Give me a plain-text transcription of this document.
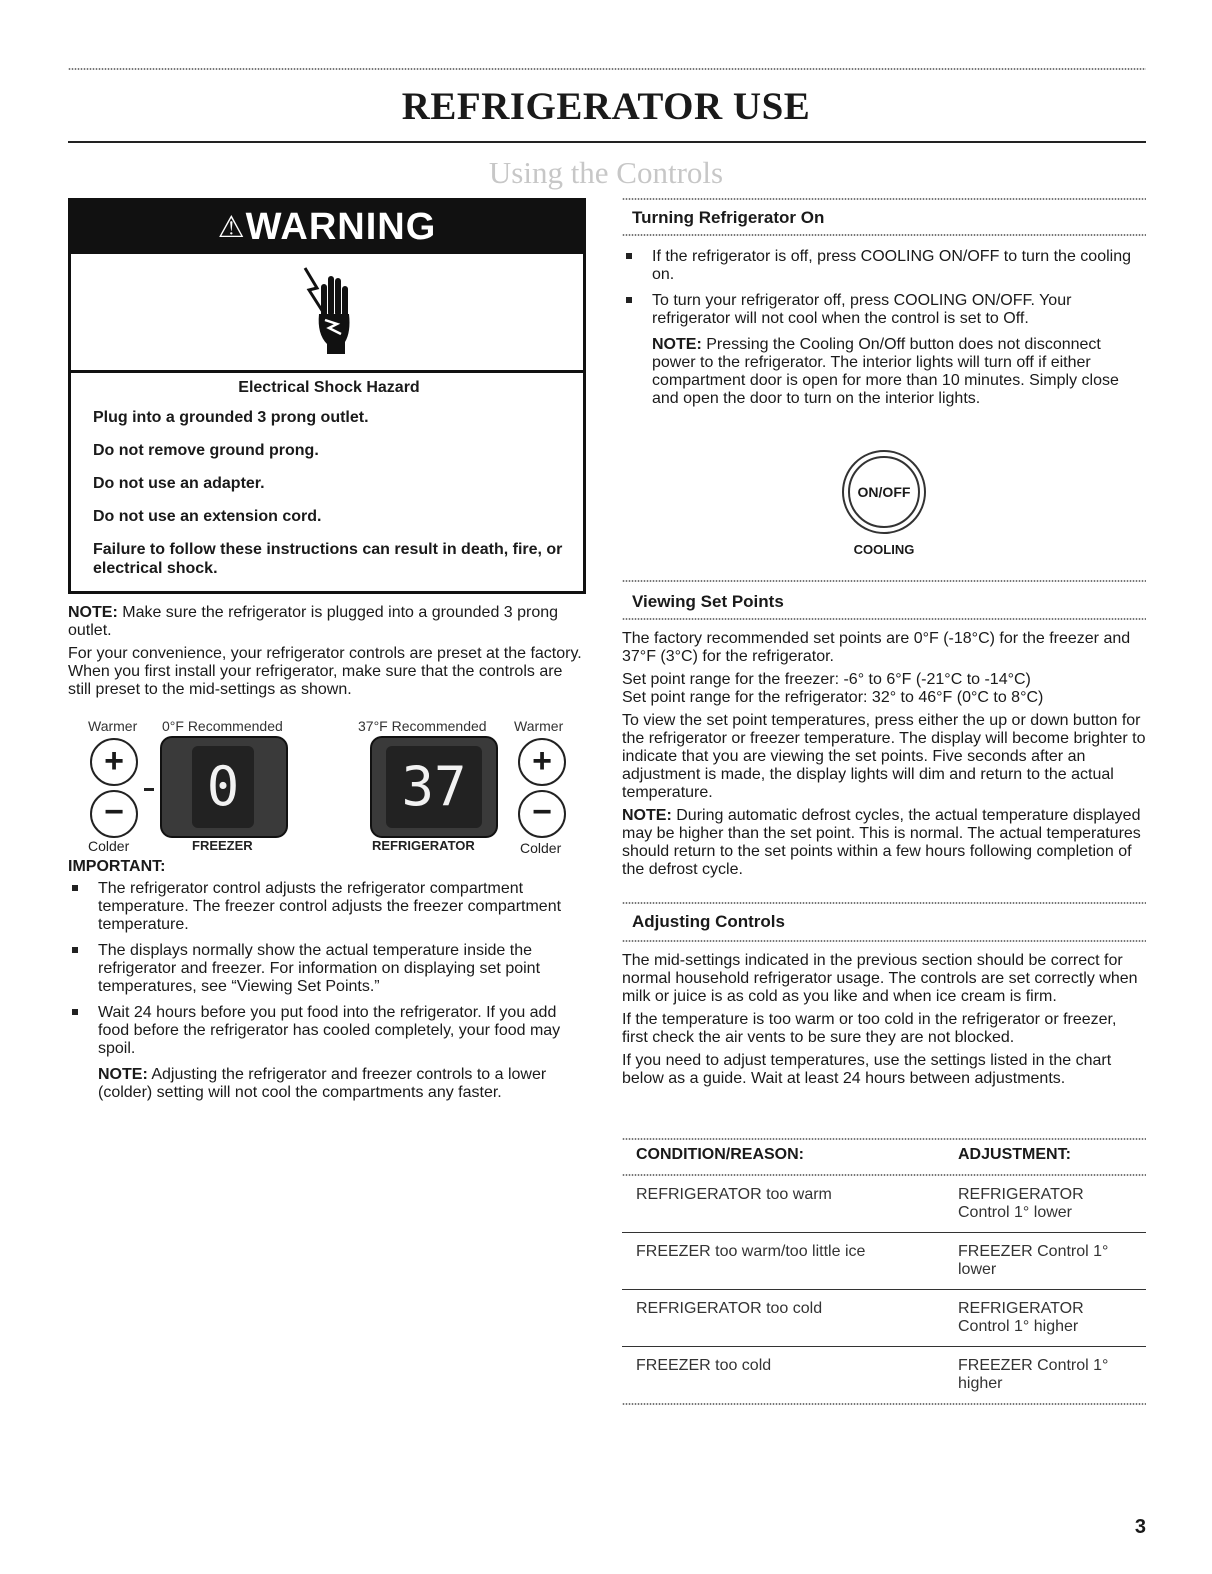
REFRIGERATOR USE
Using the Controls
⚠WARNING
Electrical Shock Hazard
Plug into a grounded 3 prong outlet.
Do not remove ground prong.
Do not use an adapter.
Do not use an extension cord.
Failure to follow these instructions can result in death, fire, or electrical shock.

NOTE: Make sure the refrigerator is plugged into a grounded 3 prong outlet.

For your convenience, your refrigerator controls are preset at the factory. When you first install your refrigerator, make sure that the controls are still preset to the mid-settings as shown.

Warmer 0°F Recommended	37°F Recommended Warmer
+
− 0
Colder	FREEZER
37	+
−
REFRIGERATOR	Colder
IMPORTANT:
The refrigerator control adjusts the refrigerator compartment temperature. The freezer control adjusts the freezer compartment temperature.
The displays normally show the actual temperature inside the refrigerator and freezer. For information on displaying set point temperatures, see “Viewing Set Points.”
Wait 24 hours before you put food into the refrigerator. If you add food before the refrigerator has cooled completely, your food may spoil.
NOTE: Adjusting the refrigerator and freezer controls to a lower (colder) setting will not cool the compartments any faster.
Turning Refrigerator On
If the refrigerator is off, press COOLING ON/OFF to turn the cooling on.
To turn your refrigerator off, press COOLING ON/OFF. Your refrigerator will not cool when the control is set to Off.
NOTE: Pressing the Cooling On/Off button does not disconnect power to the refrigerator. The interior lights will turn off if either compartment door is open for more than 10 minutes. Simply close and open the door to turn on the interior lights.
ON/OFF
COOLING
Viewing Set Points

The factory recommended set points are 0°F (-18°C) for the freezer and 37°F (3°C) for the refrigerator.

Set point range for the freezer: -6° to 6°F (-21°C to -14°C)

Set point range for the refrigerator: 32° to 46°F (0°C to 8°C)

To view the set point temperatures, press either the up or down button for the refrigerator or freezer temperature. The display will become brighter to indicate that you are viewing the set points. Five seconds after an adjustment is made, the display lights will dim and return to the actual temperature.

NOTE: During automatic defrost cycles, the actual temperature displayed may be higher than the set point. This is normal. The actual temperatures should return to the set points within a few hours following completion of the defrost cycle.

Adjusting Controls

The mid-settings indicated in the previous section should be correct for normal household refrigerator usage. The controls are set correctly when milk or juice is as cold as you like and when ice cream is firm.

If the temperature is too warm or too cold in the refrigerator or freezer, first check the air vents to be sure they are not blocked.

If you need to adjust temperatures, use the settings listed in the chart below as a guide. Wait at least 24 hours between adjustments.

CONDITION/REASON:	ADJUSTMENT:
REFRIGERATOR too warm	REFRIGERATOR Control 1° lower
FREEZER too warm/too little ice	FREEZER Control 1° lower
REFRIGERATOR too cold	REFRIGERATOR Control 1° higher
FREEZER too cold	FREEZER Control 1° higher
3
